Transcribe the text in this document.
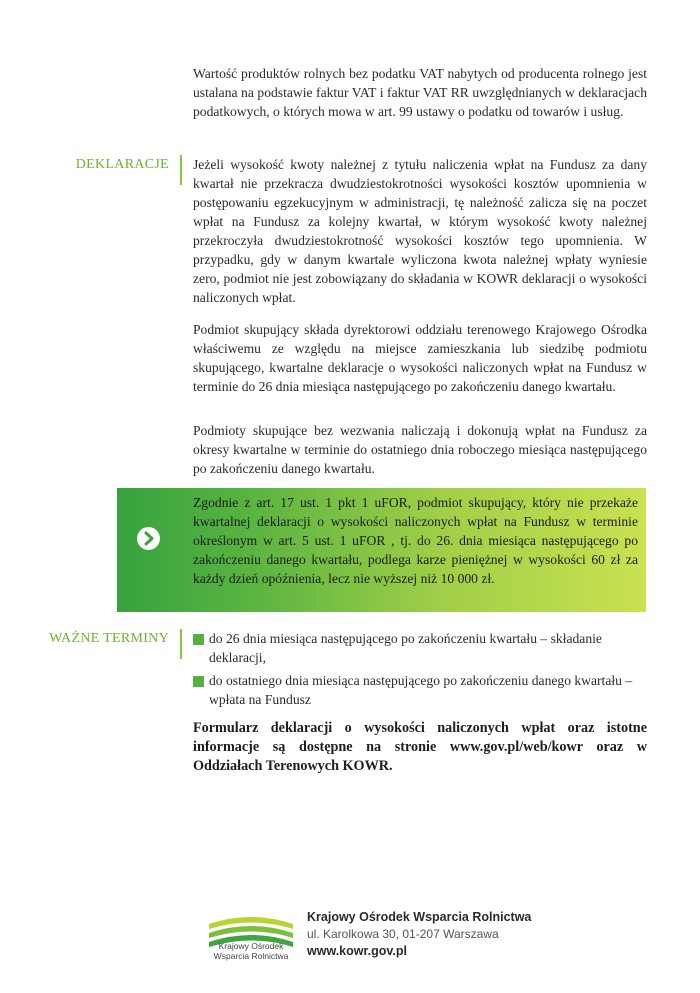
Wartość produktów rolnych bez podatku VAT nabytych od producenta rolnego jest ustalana na podstawie faktur VAT i faktur VAT RR uwzględnianych w deklaracjach podatkowych, o których mowa w art. 99 ustawy o podatku od towarów i usług.

DEKLARACJE Jeżeli wysokość kwoty należnej z tytułu naliczenia wpłat na Fundusz za dany kwartał nie przekracza dwudziestokrotności wysokości kosztów upomnienia w postępowaniu egzekucyjnym w administracji, tę należność zalicza się na poczet wpłat na Fundusz za kolejny kwartał, w którym wysokość kwoty należnej przekroczyła dwudziestokrotność wysokości kosztów tego upomnienia. W przypadku, gdy w danym kwartale wyliczona kwota należnej wpłaty wyniesie zero, podmiot nie jest zobowiązany do składania w KOWR deklaracji o wysokości naliczonych wpłat.

Podmiot skupujący składa dyrektorowi oddziału terenowego Krajowego Ośrodka właściwemu ze względu na miejsce zamieszkania lub siedzibę podmiotu skupującego, kwartalne deklaracje o wysokości naliczonych wpłat na Fundusz w terminie do 26 dnia miesiąca następującego po zakończeniu danego kwartału.

Podmioty skupujące bez wezwania naliczają i dokonują wpłat na Fundusz za okresy kwartalne w terminie do ostatniego dnia roboczego miesiąca następującego po zakończeniu danego kwartału.

Zgodnie z art. 17 ust. 1 pkt 1 uFOR, podmiot skupujący, który nie przekaże kwartalnej deklaracji o wysokości naliczonych wpłat na Fundusz w terminie określonym w art. 5 ust. 1 uFOR , tj. do 26. dnia miesiąca następującego po zakończeniu danego kwartału, podlega karze pieniężnej w wysokości 60 zł za każdy dzień opóźnienia, lecz nie wyższej niż 10 000 zł.

WAŻNE TERMINY	do 26 dnia miesiąca następującego po zakończeniu kwartału – składanie deklaracji,

do ostatniego dnia miesiąca następującego po zakończeniu danego kwartału – wpłata na Fundusz

Formularz deklaracji o wysokości naliczonych wpłat oraz istotne informacje są dostępne na stronie www.gov.pl/web/kowr oraz w Oddziałach Terenowych KOWR.

Krajowy Ośrodek
Wsparcia Rolnictwa
Krajowy Ośrodek Wsparcia Rolnictwa
ul. Karolkowa 30, 01-207 Warszawa
www.kowr.gov.pl
